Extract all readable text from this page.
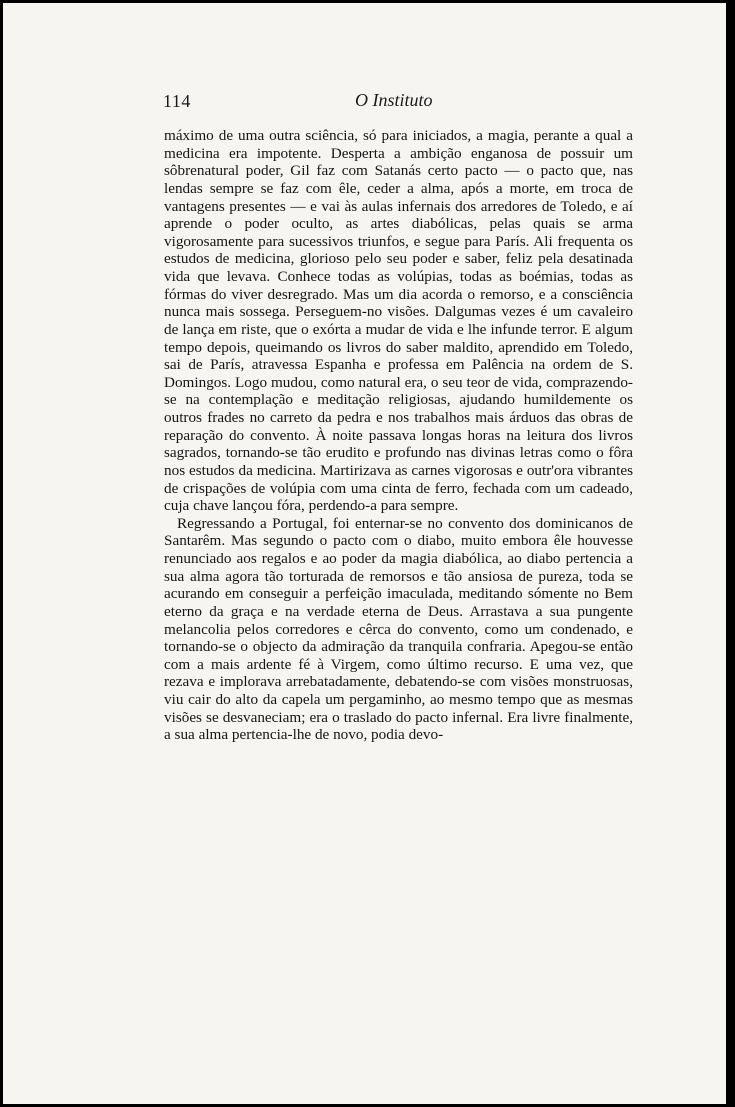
114	O Instituto

máximo de uma outra sciência, só para iniciados, a magia, perante a qual a medicina era impotente. Desperta a ambição enganosa de possuir um sôbrenatural poder, Gil faz com Satanás certo pacto — o pacto que, nas lendas sempre se faz com êle, ceder a alma, após a morte, em troca de vantagens presentes — e vai às aulas infernais dos arredores de Toledo, e aí aprende o poder oculto, as artes diabólicas, pelas quais se arma vigorosamente para sucessivos triunfos, e segue para París. Ali frequenta os estudos de medicina, glorioso pelo seu poder e saber, feliz pela desatinada vida que levava. Conhece todas as volúpias, todas as boémias, todas as fórmas do viver desregrado. Mas um dia acorda o remorso, e a consciência nunca mais sossega. Perseguem-no visões. Dalgumas vezes é um cavaleiro de lança em riste, que o exórta a mudar de vida e lhe infunde terror. E algum tempo depois, queimando os livros do saber maldito, aprendido em Toledo, sai de París, atravessa Espanha e professa em Palência na ordem de S. Domingos. Logo mudou, como natural era, o seu teor de vida, comprazendo-se na contemplação e meditação religiosas, ajudando humildemente os outros frades no carreto da pedra e nos trabalhos mais árduos das obras de reparação do convento. À noite passava longas horas na leitura dos livros sagrados, tornando-se tão erudito e profundo nas divinas letras como o fôra nos estudos da medicina. Martirizava as carnes vigorosas e outr'ora vibrantes de crispações de volúpia com uma cinta de ferro, fechada com um cadeado, cuja chave lançou fóra, perdendo-a para sempre.

Regressando a Portugal, foi enternar-se no convento dos dominicanos de Santarêm. Mas segundo o pacto com o diabo, muito embora êle houvesse renunciado aos regalos e ao poder da magia diabólica, ao diabo pertencia a sua alma agora tão torturada de remorsos e tão ansiosa de pureza, toda se acurando em conseguir a perfeição imaculada, meditando sómente no Bem eterno da graça e na verdade eterna de Deus. Arrastava a sua pungente melancolia pelos corredores e cêrca do convento, como um condenado, e tornando-se o objecto da admiração da tranquila confraria. Apegou-se então com a mais ardente fé à Virgem, como último recurso. E uma vez, que rezava e implorava arrebatadamente, debatendo-se com visões monstruosas, viu cair do alto da capela um pergaminho, ao mesmo tempo que as mesmas visões se desvaneciam; era o traslado do pacto infernal. Era livre finalmente, a sua alma pertencia-lhe de novo, podia devo-
